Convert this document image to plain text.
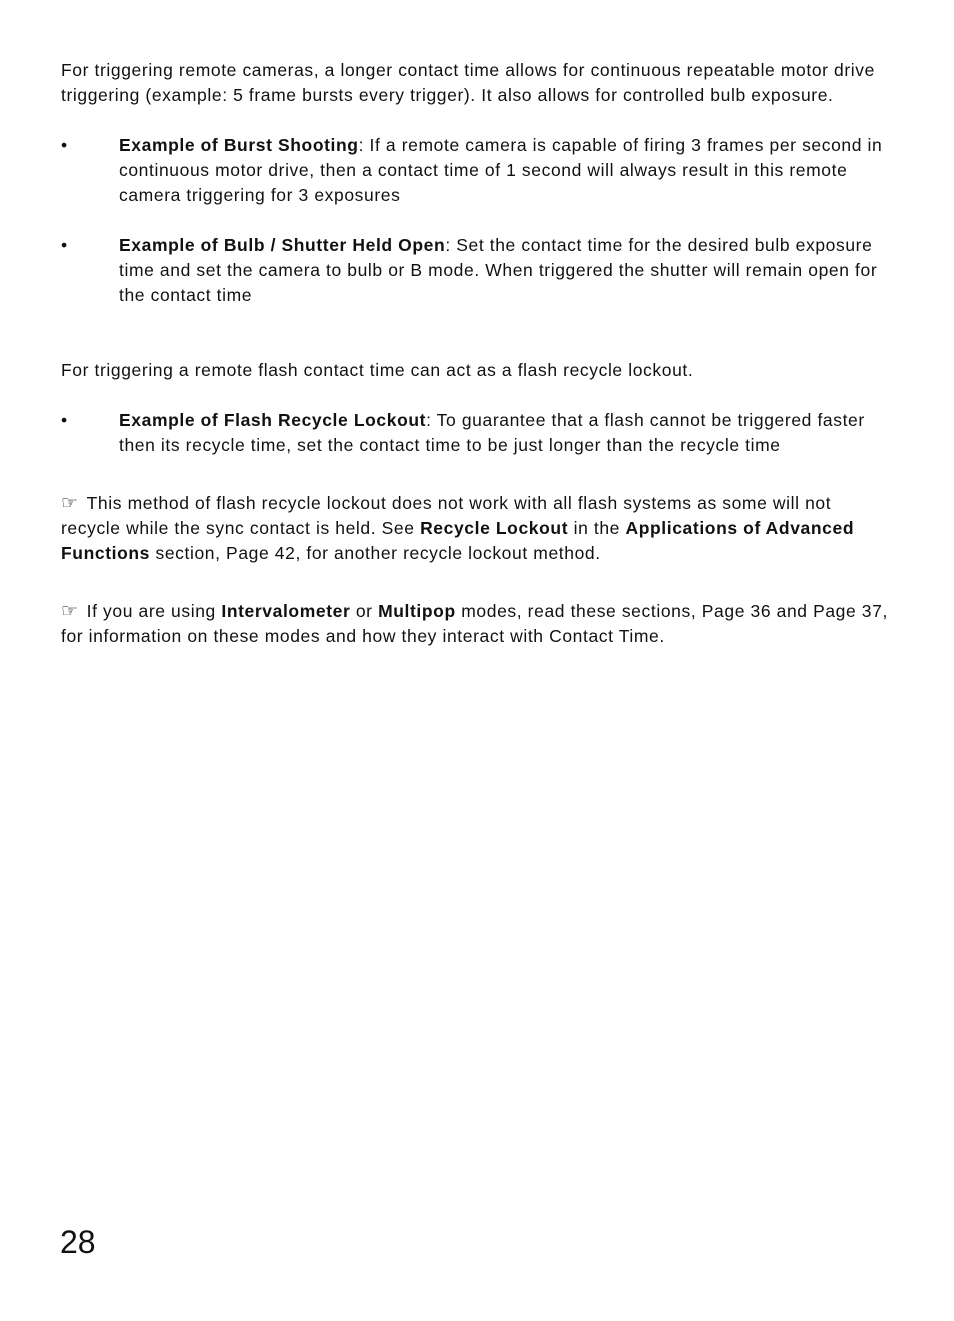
For triggering remote cameras, a longer contact time allows for continuous repeatable motor drive triggering (example: 5 frame bursts every trigger). It also allows for controlled bulb exposure.

•	Example of Burst Shooting: If a remote camera is capable of firing 3 frames per second in continuous motor drive, then a contact time of 1 second will always result in this remote camera triggering for 3 exposures
•	Example of Bulb / Shutter Held Open: Set the contact time for the desired bulb exposure time and set the camera to bulb or B mode. When triggered the shutter will remain open for the contact time

For triggering a remote flash contact time can act as a flash recycle lockout.

•	Example of Flash Recycle Lockout: To guarantee that a flash cannot be triggered faster then its recycle time, set the contact time to be just longer than the recycle time

☞ This method of flash recycle lockout does not work with all flash systems as some will not recycle while the sync contact is held. See Recycle Lockout in the Applications of Advanced Functions section, Page 42, for another recycle lockout method.

☞ If you are using Intervalometer or Multipop modes, read these sections, Page 36 and Page 37, for information on these modes and how they interact with Contact Time.

28
